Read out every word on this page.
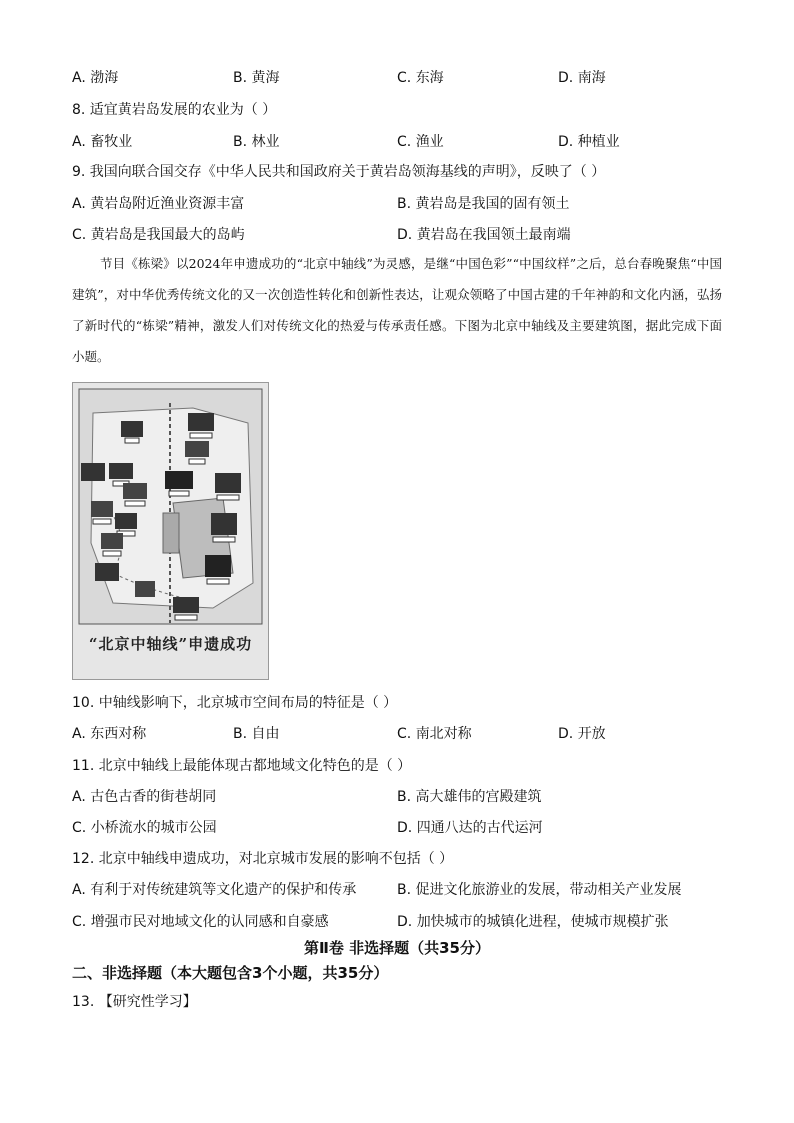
A. 渤海	B. 黄海	C. 东海	D. 南海
8. 适宜黄岩岛发展的农业为（ ）
A. 畜牧业	B. 林业	C. 渔业	D. 种植业
9. 我国向联合国交存《中华人民共和国政府关于黄岩岛领海基线的声明》，反映了（ ）
A. 黄岩岛附近渔业资源丰富	B. 黄岩岛是我国的固有领土
C. 黄岩岛是我国最大的岛屿	D. 黄岩岛在我国领土最南端

节目《栋梁》以2024年申遗成功的“北京中轴线”为灵感，是继“中国色彩”“中国纹样”之后，总台春晚聚焦“中国建筑”，对中华优秀传统文化的又一次创造性转化和创新性表达，让观众领略了中国古建的千年神韵和文化内涵，弘扬了新时代的“栋梁”精神，激发人们对传统文化的热爱与传承责任感。下图为北京中轴线及主要建筑图，据此完成下面小题。

“北京中轴线”申遗成功
10. 中轴线影响下，北京城市空间布局的特征是（ ）
A. 东西对称	B. 自由	C. 南北对称	D. 开放
11. 北京中轴线上最能体现古都地域文化特色的是（ ）
A. 古色古香的街巷胡同	B. 高大雄伟的宫殿建筑
C. 小桥流水的城市公园	D. 四通八达的古代运河
12. 北京中轴线申遗成功，对北京城市发展的影响不包括（ ）
A. 有利于对传统建筑等文化遗产的保护和传承	B. 促进文化旅游业的发展，带动相关产业发展
C. 增强市民对地域文化的认同感和自豪感	D. 加快城市的城镇化进程，使城市规模扩张
第Ⅱ卷 非选择题（共35分）
二、非选择题（本大题包含3个小题，共35分）
13. 【研究性学习】
